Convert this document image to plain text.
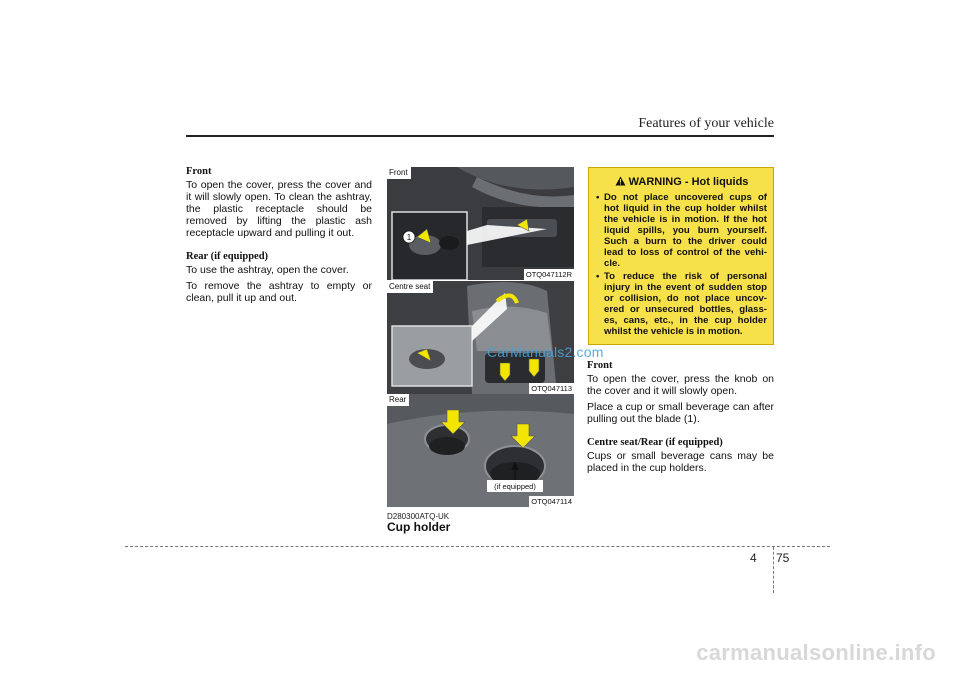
Features of your vehicle
Front

To open the cover, press the cover and it will slowly open. To clean the ashtray, the plastic receptacle should be removed by lifting the plastic ash receptacle upward and pulling it out.

Rear (if equipped)

To use the ashtray, open the cover.

To remove the ashtray to empty or clean, pull it up and out.

1
Front
OTQ047112R
Centre seat
OTQ047113
(if equipped)
Rear
OTQ047114
D280300ATQ-UK
Cup holder
WARNING - Hot liquids
• Do not place uncovered cups of hot liquid in the cup holder whilst the vehicle is in motion. If the hot liquid spills, you burn yourself. Such a burn to the driver could lead to loss of control of the vehi- cle.
• To reduce the risk of personal injury in the event of sudden stop or collision, do not place uncov- ered or unsecured bottles, glass- es, cans, etc., in the cup holder whilst the vehicle is in motion.
Front

To open the cover, press the knob on the cover and it will slowly open.

Place a cup or small beverage can after pulling out the blade (1).

Centre seat/Rear (if equipped)

Cups or small beverage cans may be placed in the cup holders.

CarManuals2.com
4 75
carmanualsonline.info
